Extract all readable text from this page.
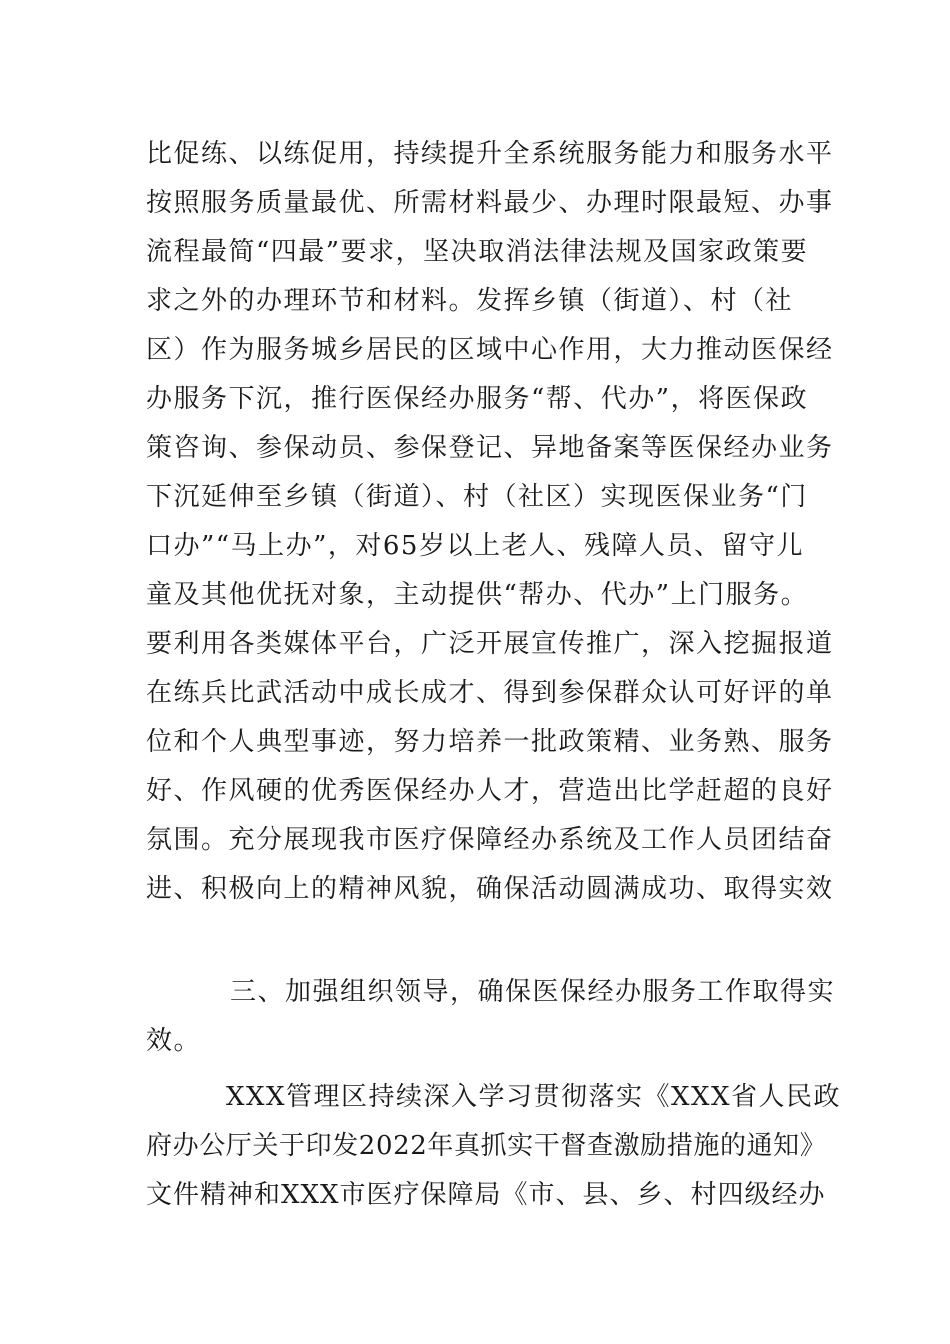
比促练、以练促用，持续提升全系统服务能力和服务水平
按照服务质量最优、所需材料最少、办理时限最短、办事
流程最简“四最”要求，坚决取消法律法规及国家政策要
求之外的办理环节和材料。发挥乡镇（街道）、村（社
区）作为服务城乡居民的区域中心作用，大力推动医保经
办服务下沉，推行医保经办服务“帮、代办”，将医保政
策咨询、参保动员、参保登记、异地备案等医保经办业务
下沉延伸至乡镇（街道）、村（社区）实现医保业务“门
口办”“马上办”，对65岁以上老人、残障人员、留守儿
童及其他优抚对象，主动提供“帮办、代办”上门服务。
要利用各类媒体平台，广泛开展宣传推广，深入挖掘报道
在练兵比武活动中成长成才、得到参保群众认可好评的单
位和个人典型事迹，努力培养一批政策精、业务熟、服务
好、作风硬的优秀医保经办人才，营造出比学赶超的良好
氛围。充分展现我市医疗保障经办系统及工作人员团结奋
进、积极向上的精神风貌，确保活动圆满成功、取得实效
三、加强组织领导，确保医保经办服务工作取得实
效。
XXX管理区持续深入学习贯彻落实《XXX省人民政
府办公厅关于印发2022年真抓实干督查激励措施的通知》
文件精神和XXX市医疗保障局《市、县、乡、村四级经办
